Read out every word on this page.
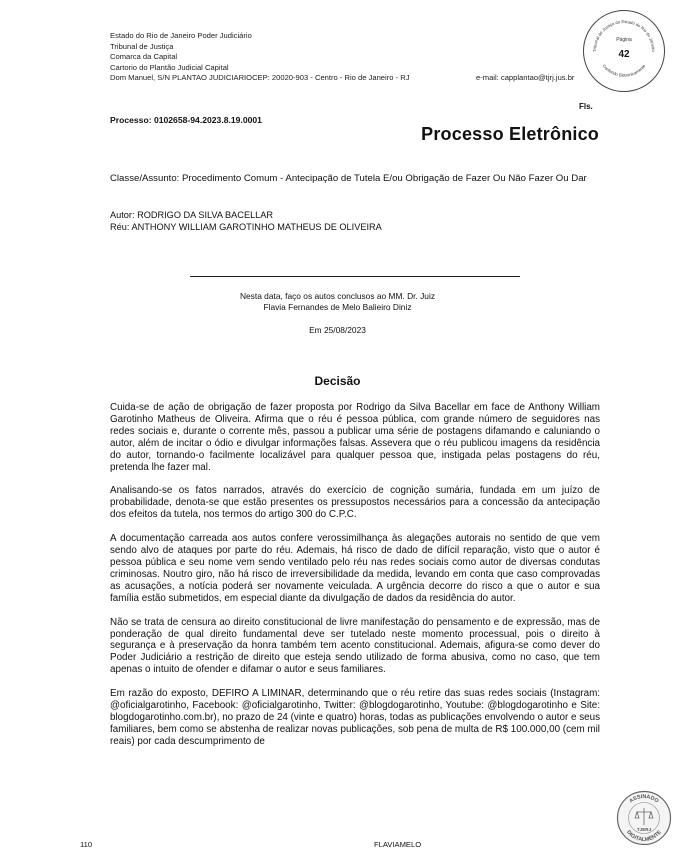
Estado do Rio de Janeiro Poder Judiciário
Tribunal de Justiça
Comarca da Capital
Cartorio do Plantão Judicial Capital
Dom Manuel, S/N PLANTAO JUDICIARIOCEP: 20020-903 - Centro - Rio de Janeiro - RJ	e-mail: capplantao@tjrj.jus.br
Tribunal de Justiça do Estado do Rio de Janeiro
Conferido Eletronicamente
Página
42
Fls.
Processo: 0102658-94.2023.8.19.0001
Processo Eletrônico
Classe/Assunto: Procedimento Comum - Antecipação de Tutela E/ou Obrigação de Fazer Ou Não Fazer Ou Dar
Autor: RODRIGO DA SILVA BACELLAR
Réu: ANTHONY WILLIAM GAROTINHO MATHEUS DE OLIVEIRA
Nesta data, faço os autos conclusos ao MM. Dr. Juiz
Flavia Fernandes de Melo Balieiro Diniz
Em 25/08/2023
Decisão

Cuida-se de ação de obrigação de fazer proposta por Rodrigo da Silva Bacellar em face de Anthony William Garotinho Matheus de Oliveira. Afirma que o réu é pessoa pública, com grande número de seguidores nas redes sociais e, durante o corrente mês, passou a publicar uma série de postagens difamando e caluniando o autor, além de incitar o ódio e divulgar informações falsas. Assevera que o réu publicou imagens da residência do autor, tornando-o facilmente localizável para qualquer pessoa que, instigada pelas postagens do réu, pretenda lhe fazer mal.

Analisando-se os fatos narrados, através do exercício de cognição sumária, fundada em um juízo de probabilidade, denota-se que estão presentes os pressupostos necessários para a concessão da antecipação dos efeitos da tutela, nos termos do artigo 300 do C.P.C.

A documentação carreada aos autos confere verossimilhança às alegações autorais no sentido de que vem sendo alvo de ataques por parte do réu. Ademais, há risco de dado de difícil reparação, visto que o autor é pessoa pública e seu nome vem sendo ventilado pelo réu nas redes sociais como autor de diversas condutas criminosas. Noutro giro, não há risco de irreversibilidade da medida, levando em conta que caso comprovadas as acusações, a notícia poderá ser novamente veiculada. A urgência decorre do risco a que o autor e sua família estão submetidos, em especial diante da divulgação de dados da residência do autor.

Não se trata de censura ao direito constitucional de livre manifestação do pensamento e de expressão, mas de ponderação de qual direito fundamental deve ser tutelado neste momento processual, pois o direito à segurança e à preservação da honra também tem acento constitucional. Ademais, afigura-se como dever do Poder Judiciário a restrição de direito que esteja sendo utilizado de forma abusiva, como no caso, que tem apenas o intuito de ofender e difamar o autor e seus familiares.

Em razão do exposto, DEFIRO A LIMINAR, determinando que o réu retire das suas redes sociais (Instagram: @oficialgarotinho, Facebook: @oficialgarotinho, Twitter: @blogdogarotinho, Youtube: @blogdogarotinho e Site: blogdogarotinho.com.br), no prazo de 24 (vinte e quatro) horas, todas as publicações envolvendo o autor e seus familiares, bem como se abstenha de realizar novas publicações, sob pena de multa de R$ 100.000,00 (cem mil reais) por cada descumprimento de

110	FLAVIAMELO
ASSINADO
DIGITALMENTE
TJERJ
